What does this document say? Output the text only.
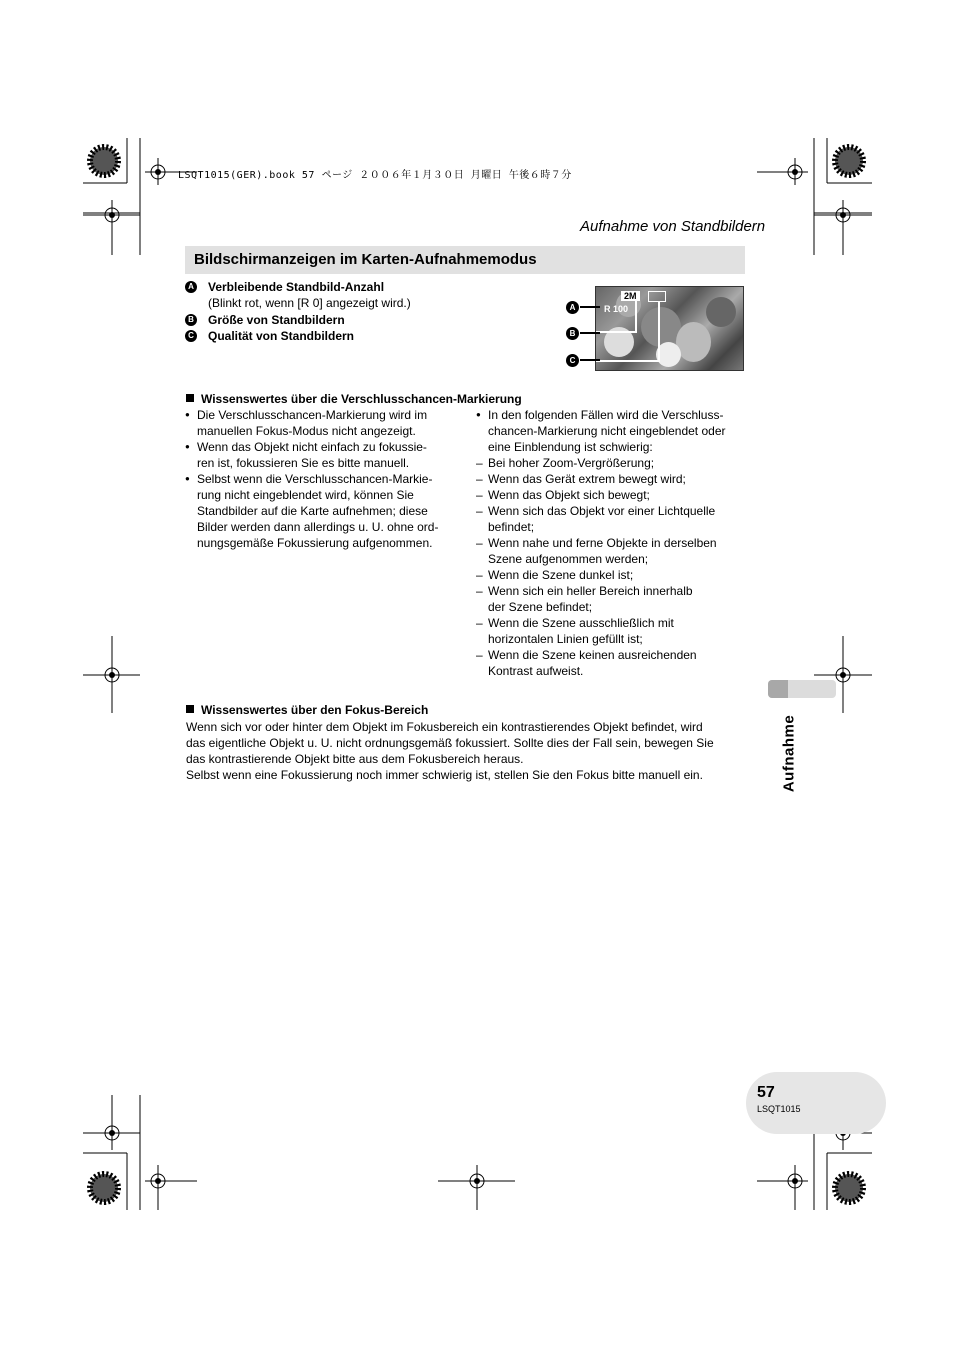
LSQT1015(GER).book 57 ページ ２００６年１月３０日 月曜日 午後６時７分
Aufnahme von Standbildern
Bildschirmanzeigen im Karten-Aufnahmemodus
A Verbleibende Standbild-Anzahl
(Blinkt rot, wenn [R 0] angezeigt wird.)
B Größe von Standbildern
C Qualität von Standbildern
R 100
2M
A
B
C
Wissenswertes über die Verschlusschancen-Markierung
● Die Verschlusschancen-Markierung wird im
manuellen Fokus-Modus nicht angezeigt.
● Wenn das Objekt nicht einfach zu fokussie-
ren ist, fokussieren Sie es bitte manuell.
● Selbst wenn die Verschlusschancen-Markie-
rung nicht eingeblendet wird, können Sie
Standbilder auf die Karte aufnehmen; diese
Bilder werden dann allerdings u. U. ohne ord-
nungsgemäße Fokussierung aufgenommen.
● In den folgenden Fällen wird die Verschluss-
chancen-Markierung nicht eingeblendet oder
eine Einblendung ist schwierig:
– Bei hoher Zoom-Vergrößerung;
– Wenn das Gerät extrem bewegt wird;
– Wenn das Objekt sich bewegt;
– Wenn sich das Objekt vor einer Lichtquelle
befindet;
– Wenn nahe und ferne Objekte in derselben
Szene aufgenommen werden;
– Wenn die Szene dunkel ist;
– Wenn sich ein heller Bereich innerhalb
der Szene befindet;
– Wenn die Szene ausschließlich mit
horizontalen Linien gefüllt ist;
– Wenn die Szene keinen ausreichenden
Kontrast aufweist.
Wissenswertes über den Fokus-Bereich
Wenn sich vor oder hinter dem Objekt im Fokusbereich ein kontrastierendes Objekt befindet, wird
das eigentliche Objekt u. U. nicht ordnungsgemäß fokussiert. Sollte dies der Fall sein, bewegen Sie
das kontrastierende Objekt bitte aus dem Fokusbereich heraus.
Selbst wenn eine Fokussierung noch immer schwierig ist, stellen Sie den Fokus bitte manuell ein.	Aufnahme
57
LSQT1015
